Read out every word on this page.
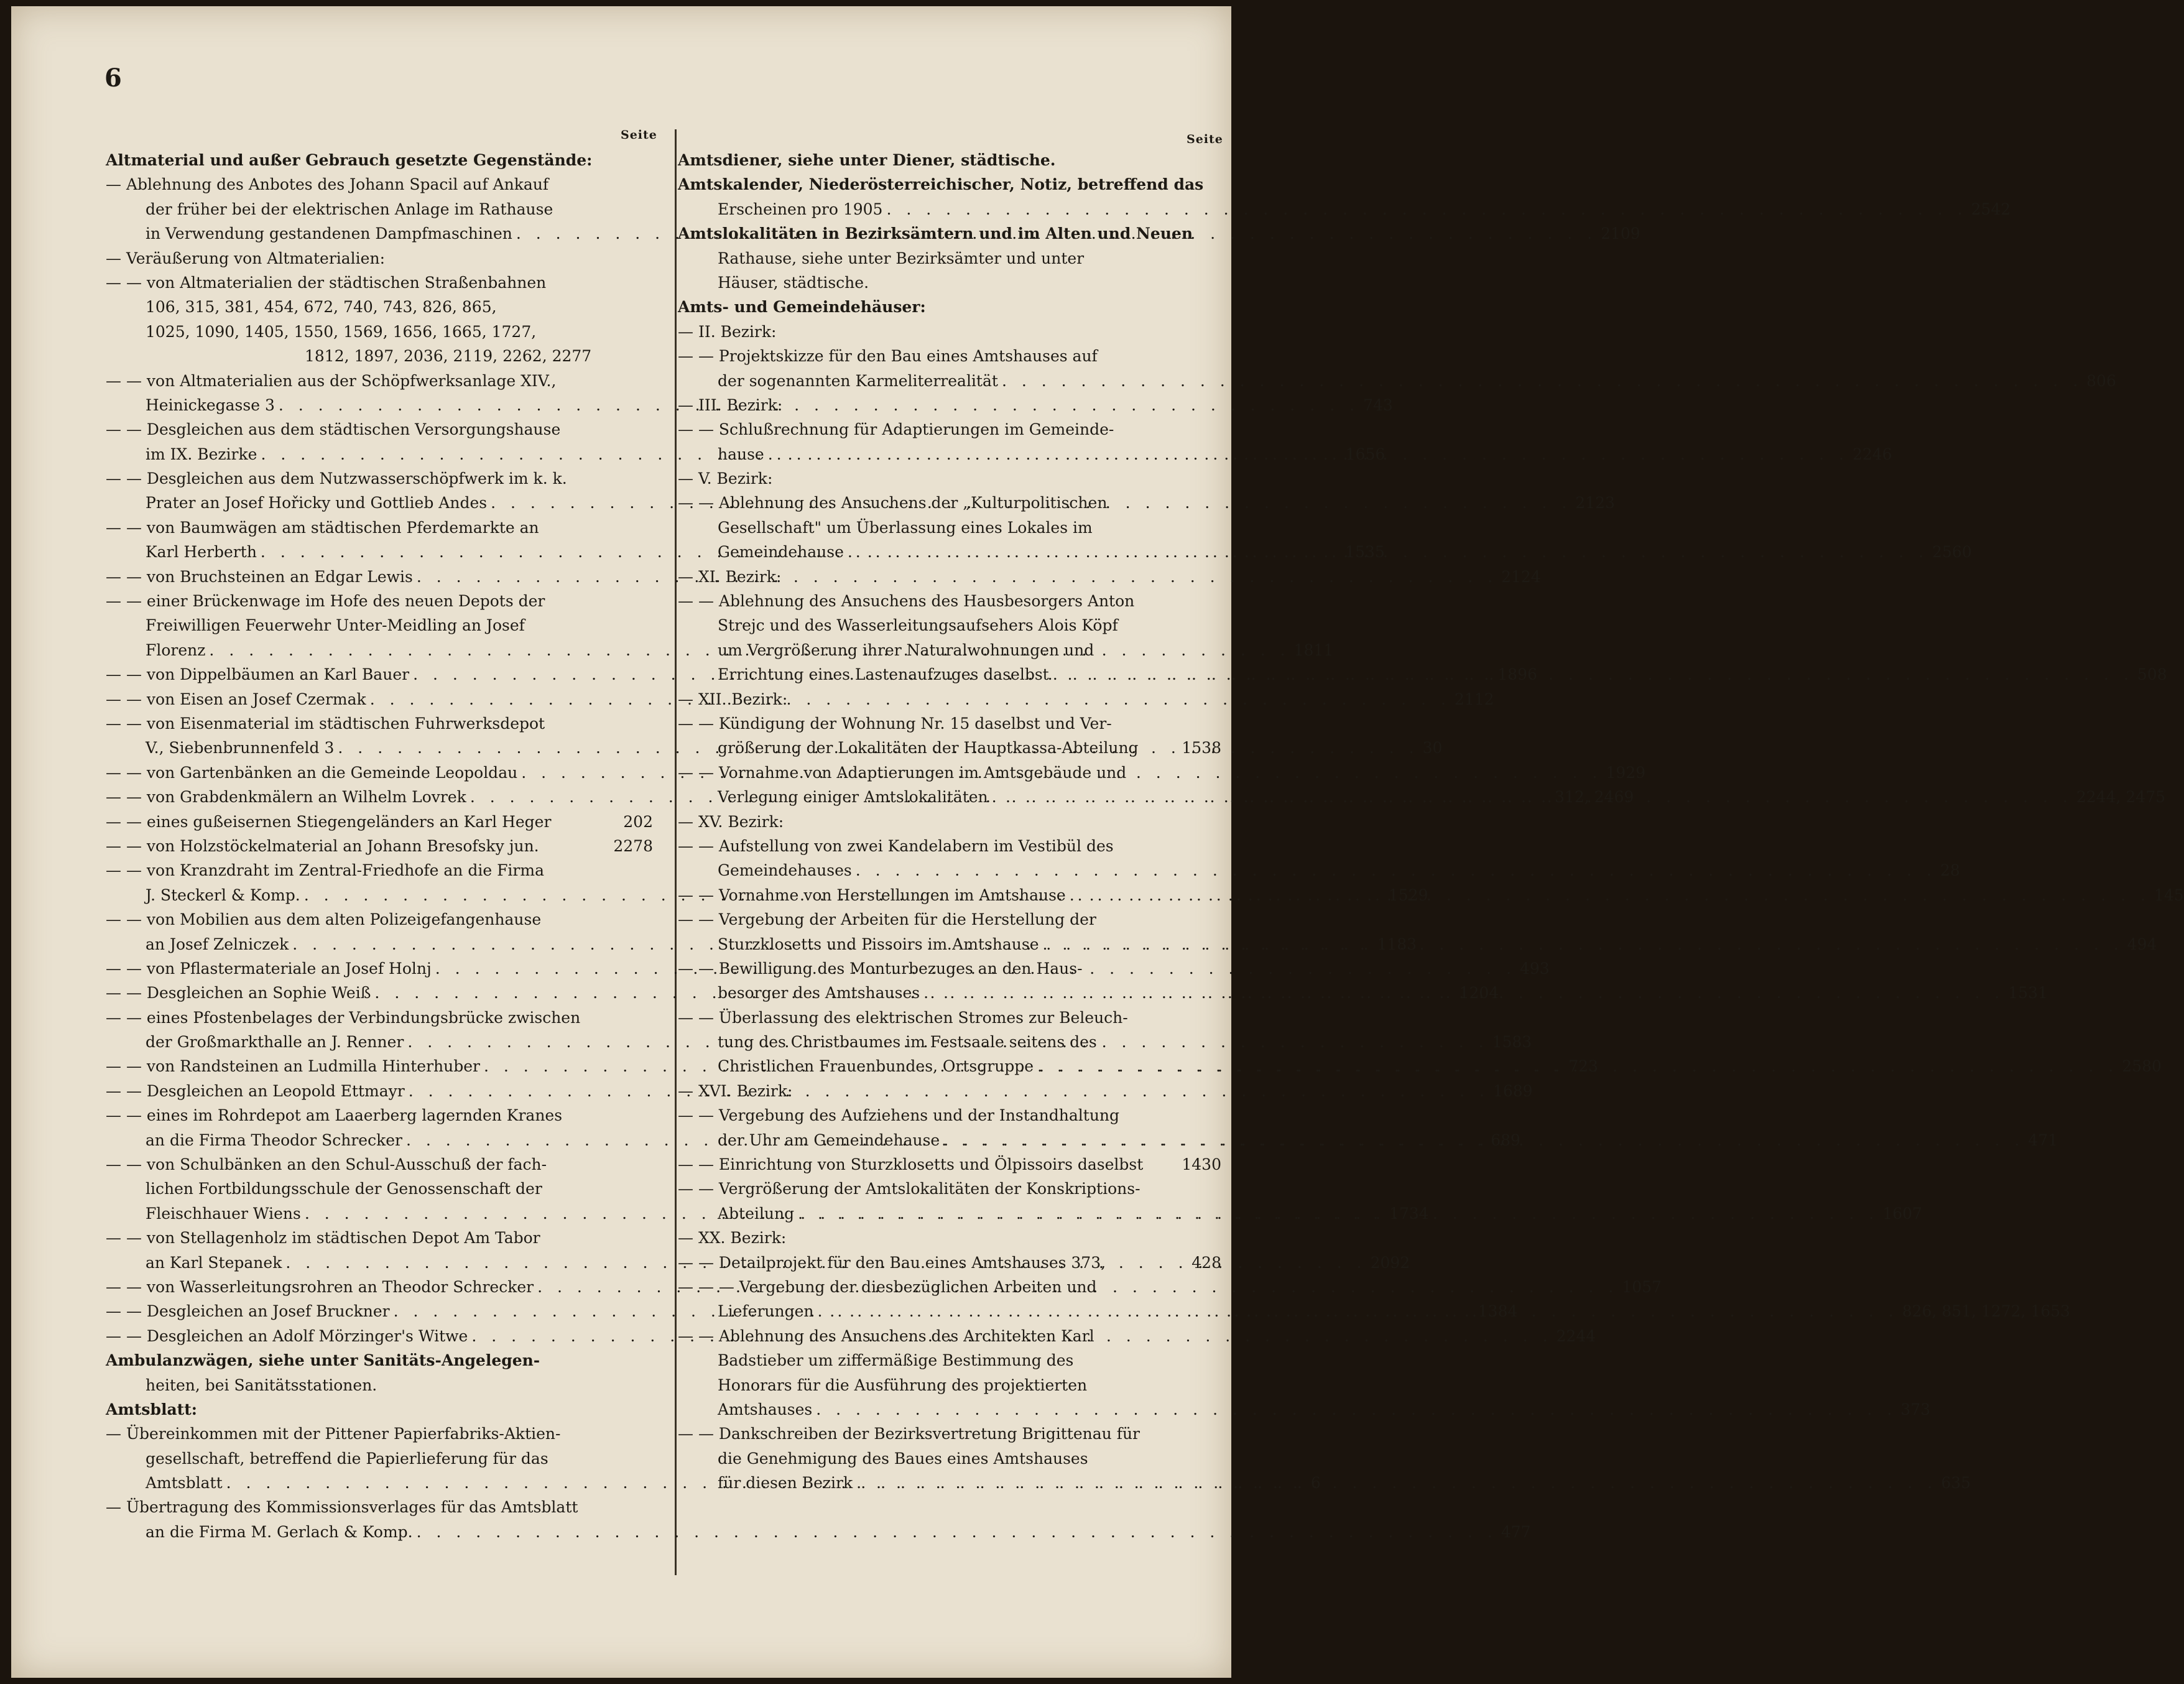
6
Seite	Seite
Altmaterial und außer Gebrauch gesetzte Gegenstände:
— Ablehnung des Anbotes des Johann Spacil auf Ankauf
der früher bei der elektrischen Anlage im Rathause
in Verwendung gestandenen Dampfmaschinen . . .	2109
— Veräußerung von Altmaterialien:
— — von Altmaterialien der städtischen Straßenbahnen
106, 315, 381, 454, 672, 740, 743, 826, 865,
1025, 1090, 1405, 1550, 1569, 1656, 1665, 1727,
1812, 1897, 2036, 2119, 2262, 2277
— — von Altmaterialien aus der Schöpfwerksanlage XIV.,
Heinickegasse 3 . . .	743
— — Desgleichen aus dem städtischen Versorgungshause
im IX. Bezirke . . .	1656
— — Desgleichen aus dem Nutzwasserschöpfwerk im k. k.
Prater an Josef Hořicky und Gottlieb Andes . . .	2123
— — von Baumwägen am städtischen Pferdemarkte an
Karl Herberth . . .	1535
— — von Bruchsteinen an Edgar Lewis . . .	2124
— — einer Brückenwage im Hofe des neuen Depots der
Freiwilligen Feuerwehr Unter-Meidling an Josef
Florenz . . .	1811
— — von Dippelbäumen an Karl Bauer . . .	1896
— — von Eisen an Josef Czermak . . .	2112
— — von Eisenmaterial im städtischen Fuhrwerksdepot
V., Siebenbrunnenfeld 3 . . .	30
— — von Gartenbänken an die Gemeinde Leopoldau . . .	1929
— — von Grabdenkmälern an Wilhelm Lovrek . . .	312, 2469
— — eines gußeisernen Stiegengeländers an Karl Heger	202
— — von Holzstöckelmaterial an Johann Bresofsky jun.	2278
— — von Kranzdraht im Zentral-Friedhofe an die Firma
J. Steckerl & Komp. . . .	1529
— — von Mobilien aus dem alten Polizeigefangenhause
an Josef Zelniczek . . .	1183
— — von Pflastermateriale an Josef Holnj . . .	493
— — Desgleichen an Sophie Weiß . . .	1204
— — eines Pfostenbelages der Verbindungsbrücke zwischen
der Großmarkthalle an J. Renner . . .	1583
— — von Randsteinen an Ludmilla Hinterhuber . . .	723
— — Desgleichen an Leopold Ettmayr . . .	1689
— — eines im Rohrdepot am Laaerberg lagernden Kranes
an die Firma Theodor Schrecker . . .	689
— — von Schulbänken an den Schul-Ausschuß der fach-
lichen Fortbildungsschule der Genossenschaft der
Fleischhauer Wiens . . .	1734
— — von Stellagenholz im städtischen Depot Am Tabor
an Karl Stepanek . . .	2092
— — von Wasserleitungsrohren an Theodor Schrecker . . .	1057
— — Desgleichen an Josef Bruckner . . .	1384
— — Desgleichen an Adolf Mörzinger's Witwe . . .	2244
Ambulanzwägen, siehe unter Sanitäts-Angelegen-
heiten, bei Sanitätsstationen.
Amtsblatt:
— Übereinkommen mit der Pittener Papierfabriks-Aktien-
gesellschaft, betreffend die Papierlieferung für das
Amtsblatt . . .	6
— Übertragung des Kommissionsverlages für das Amtsblatt
an die Firma M. Gerlach & Komp. . . .	477
Amtsdiener, siehe unter Diener, städtische.
Amtskalender, Niederösterreichischer, Notiz, betreffend das
Erscheinen pro 1905 . . .	2542
Amtslokalitäten in Bezirksämtern und im Alten und Neuen
Rathause, siehe unter Bezirksämter und unter
Häuser, städtische.
Amts- und Gemeindehäuser:
— II. Bezirk:
— — Projektskizze für den Bau eines Amtshauses auf
der sogenannten Karmeliterrealität . . .	806
— III. Bezirk:
— — Schlußrechnung für Adaptierungen im Gemeinde-
hause . . .	2246
— V. Bezirk:
— — Ablehnung des Ansuchens der „Kulturpolitischen
Gesellschaft" um Überlassung eines Lokales im
Gemeindehause . . .	2560
— XI. Bezirk:
— — Ablehnung des Ansuchens des Hausbesorgers Anton
Strejc und des Wasserleitungsaufsehers Alois Köpf
um Vergrößerung ihrer Naturalwohnungen und
Errichtung eines Lastenaufzuges daselbst . . .	508
— XII. Bezirk:
— — Kündigung der Wohnung Nr. 15 daselbst und Ver-
größerung der Lokalitäten der Hauptkassa-Abteilung	1538
— — Vornahme von Adaptierungen im Amtsgebäude und
Verlegung einiger Amtslokalitäten . . .	2244, 2475
— XV. Bezirk:
— — Aufstellung von zwei Kandelabern im Vestibül des
Gemeindehauses . . .	28
— — Vornahme von Herstellungen im Amtshause . . .	145
— — Vergebung der Arbeiten für die Herstellung der
Sturzklosetts und Pissoirs im Amtshause . . .	494
— — Bewilligung des Monturbezuges an den Haus-
besorger des Amtshauses . . .	1531
— — Überlassung des elektrischen Stromes zur Beleuch-
tung des Christbaumes im Festsaale seitens des
Christlichen Frauenbundes, Ortsgruppe . . .	2580
— XVI. Bezirk:
— — Vergebung des Aufziehens und der Instandhaltung
der Uhr am Gemeindehause . . .	471
— — Einrichtung von Sturzklosetts und Ölpissoirs daselbst	1430
— — Vergrößerung der Amtslokalitäten der Konskriptions-
Abteilung . . .	1607
— XX. Bezirk:
— — Detailprojekt für den Bau eines Amtshauses 373,	428
— — — Vergebung der diesbezüglichen Arbeiten und
Lieferungen . . .	826, 851, 1272, 1653
— — Ablehnung des Ansuchens des Architekten Karl
Badstieber um ziffermäßige Bestimmung des
Honorars für die Ausführung des projektierten
Amtshauses . . .	373
— — Dankschreiben der Bezirksvertretung Brigittenau für
die Genehmigung des Baues eines Amtshauses
für diesen Bezirk . . .	635
